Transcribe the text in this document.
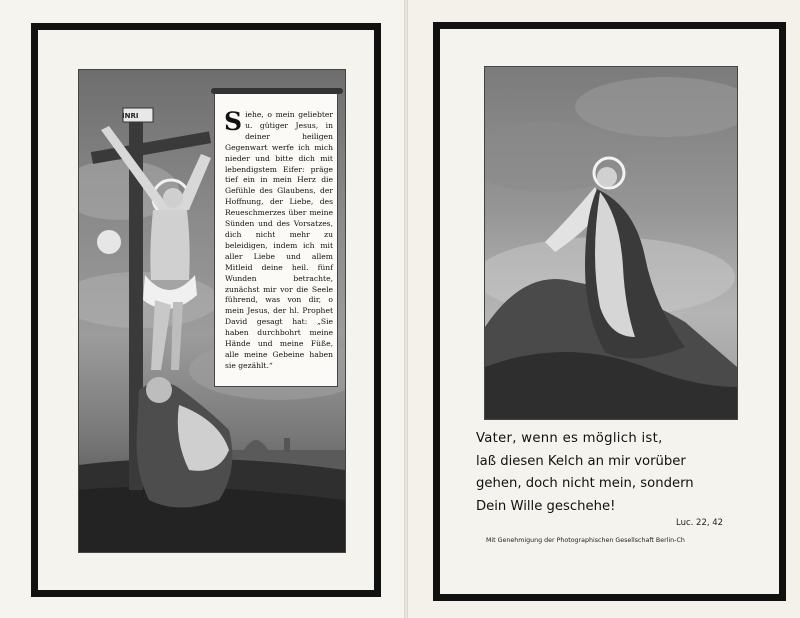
Siehe, o mein geliebter u. gütiger Jesus, in deiner heiligen Gegenwart werfe ich mich nieder und bitte dich mit lebendigstem Eifer: präge tief ein in mein Herz die Gefühle des Glaubens, der Hoffnung, der Liebe, des Reueschmerzes über meine Sünden und des Vorsatzes, dich nicht mehr zu beleidigen, indem ich mit aller Liebe und allem Mitleid deine heil. fünf Wunden betrachte, zunächst mir vor die Seele führend, was von dir, o mein Jesus, der hl. Prophet David gesagt hat: „Sie haben durchbohrt meine Hände und meine Füße, alle meine Gebeine haben sie gezählt.“
INRI
Vater, wenn es möglich ist,
laß diesen Kelch an mir vorüber
gehen, doch nicht mein, sondern
Dein Wille geschehe!
Luc. 22, 42
Mit Genehmigung der Photographischen Gesellschaft Berlin-Ch
